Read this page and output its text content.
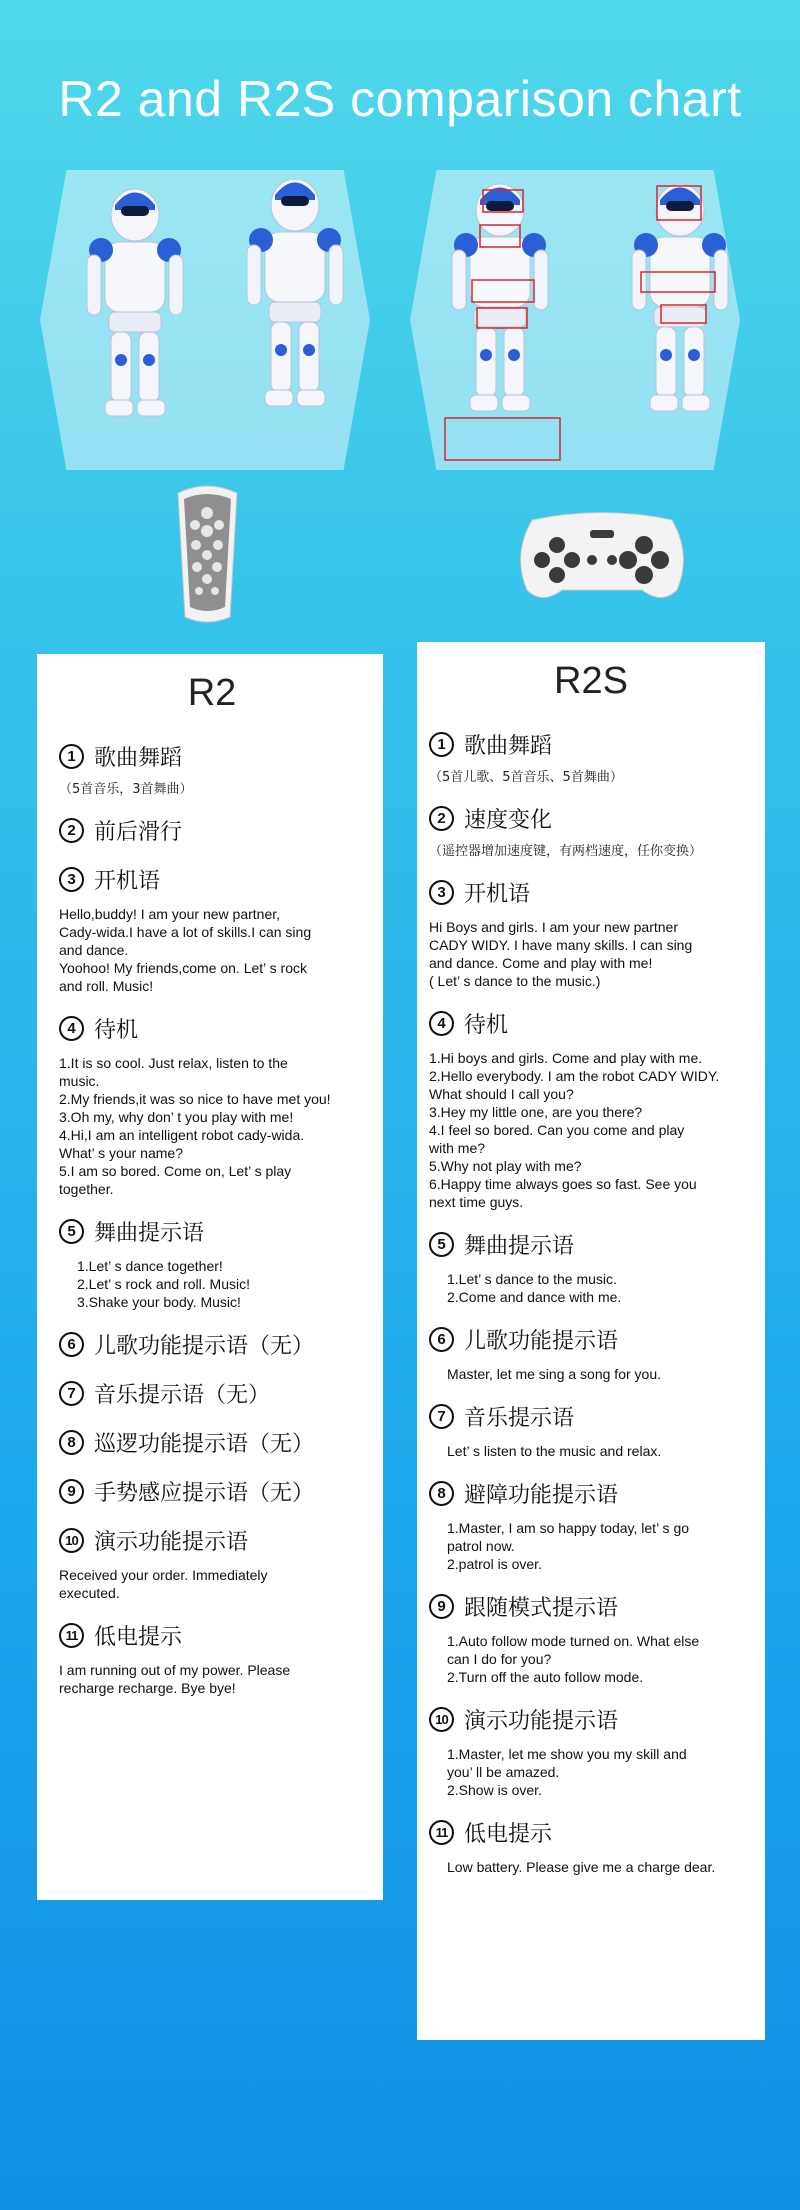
R2 and R2S comparison chart
R2
1 歌曲舞蹈
（5首音乐，3首舞曲）
2 前后滑行
3 开机语
Hello,buddy! I am your new partner,
Cady-wida.I have a lot of skills.I can sing
and dance.
Yoohoo! My friends,come on. Let’ s rock
and roll. Music!
4 待机
1.It is so cool. Just relax, listen to the
music.
2.My friends,it was so nice to have met you!
3.Oh my, why don’ t you play with me!
4.Hi,I am an intelligent robot cady-wida.
What’ s your name?
5.I am so bored. Come on, Let’ s play
together.
5 舞曲提示语
1.Let’ s dance together!
2.Let’ s rock and roll. Music!
3.Shake your body. Music!
6 儿歌功能提示语（无）
7 音乐提示语（无）
8 巡逻功能提示语（无）
9 手势感应提示语（无）
10 演示功能提示语
Received your order. Immediately
executed.
11 低电提示
I am running out of my power. Please
recharge recharge. Bye bye!
R2S
1 歌曲舞蹈
（5首儿歌、5首音乐、5首舞曲）
2 速度变化
（遥控器增加速度键，有两档速度，任你变换）
3 开机语
Hi Boys and girls. I am your new partner
CADY WIDY. I have many skills. I can sing
and dance. Come and play with me!
( Let’ s dance to the music.)
4 待机
1.Hi boys and girls. Come and play with me.
2.Hello everybody. I am the robot CADY WIDY.
What should I call you?
3.Hey my little one, are you there?
4.I feel so bored. Can you come and play
with me?
5.Why not play with me?
6.Happy time always goes so fast. See you
next time guys.
5 舞曲提示语
1.Let’ s dance to the music.
2.Come and dance with me.
6 儿歌功能提示语
Master, let me sing a song for you.
7 音乐提示语
Let’ s listen to the music and relax.
8 避障功能提示语
1.Master, I am so happy today, let’ s go
patrol now.
2.patrol is over.
9 跟随模式提示语
1.Auto follow mode turned on. What else
can I do for you?
2.Turn off the auto follow mode.
10 演示功能提示语
1.Master, let me show you my skill and
you’ ll be amazed.
2.Show is over.
11 低电提示
Low battery. Please give me a charge dear.
